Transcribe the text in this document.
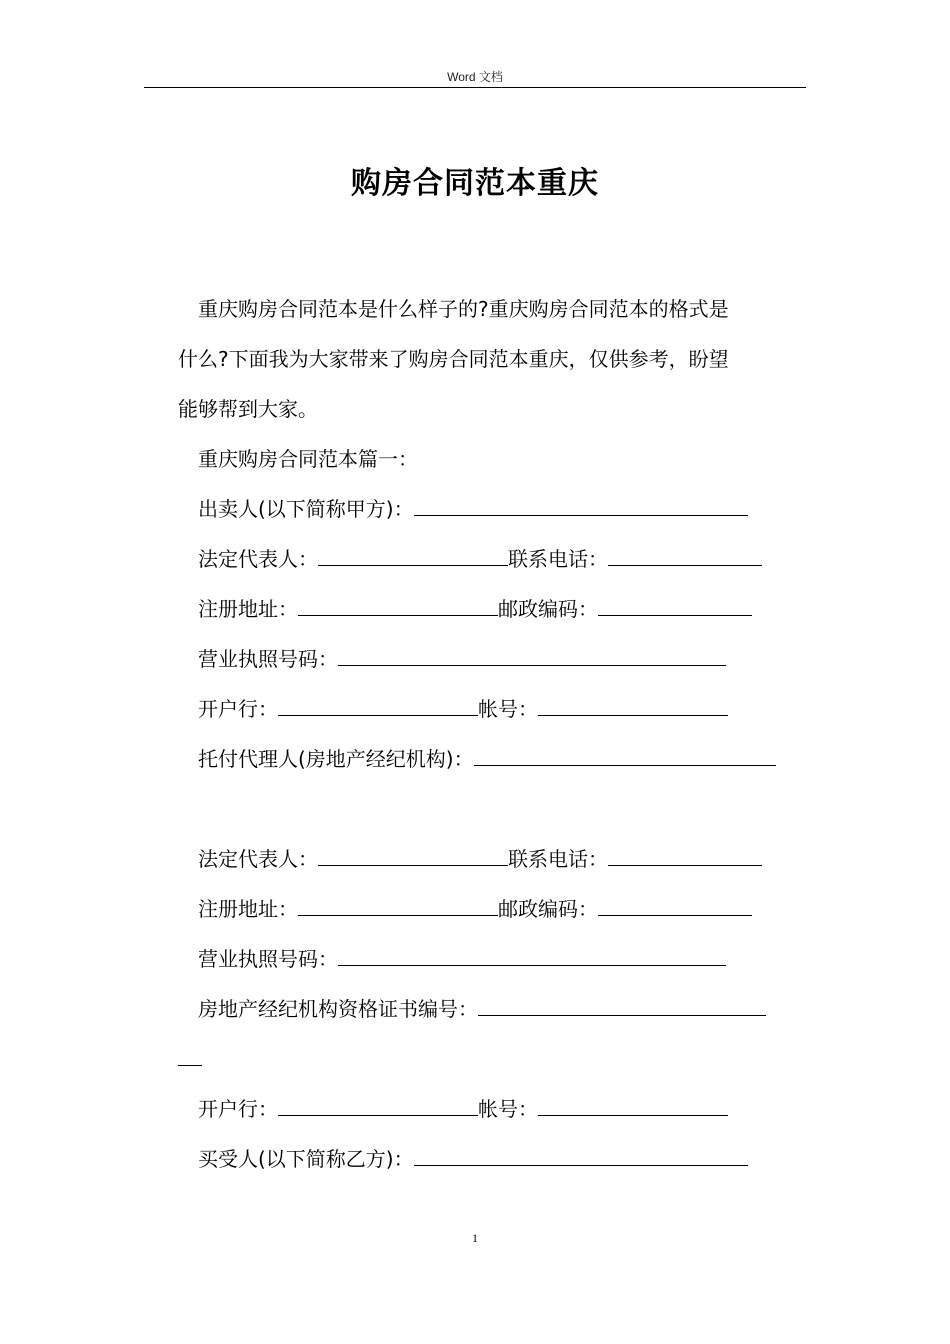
Word 文档
购房合同范本重庆
重庆购房合同范本是什么样子的?重庆购房合同范本的格式是
什么?下面我为大家带来了购房合同范本重庆，仅供参考，盼望
能够帮到大家。
重庆购房合同范本篇一：
出卖人(以下简称甲方)：
法定代表人：	联系电话：
注册地址：	邮政编码：
营业执照号码：
开户行：	帐号：
托付代理人(房地产经纪机构)：
法定代表人：	联系电话：
注册地址：	邮政编码：
营业执照号码：
房地产经纪机构资格证书编号：
开户行：	帐号：
买受人(以下简称乙方)：
1
